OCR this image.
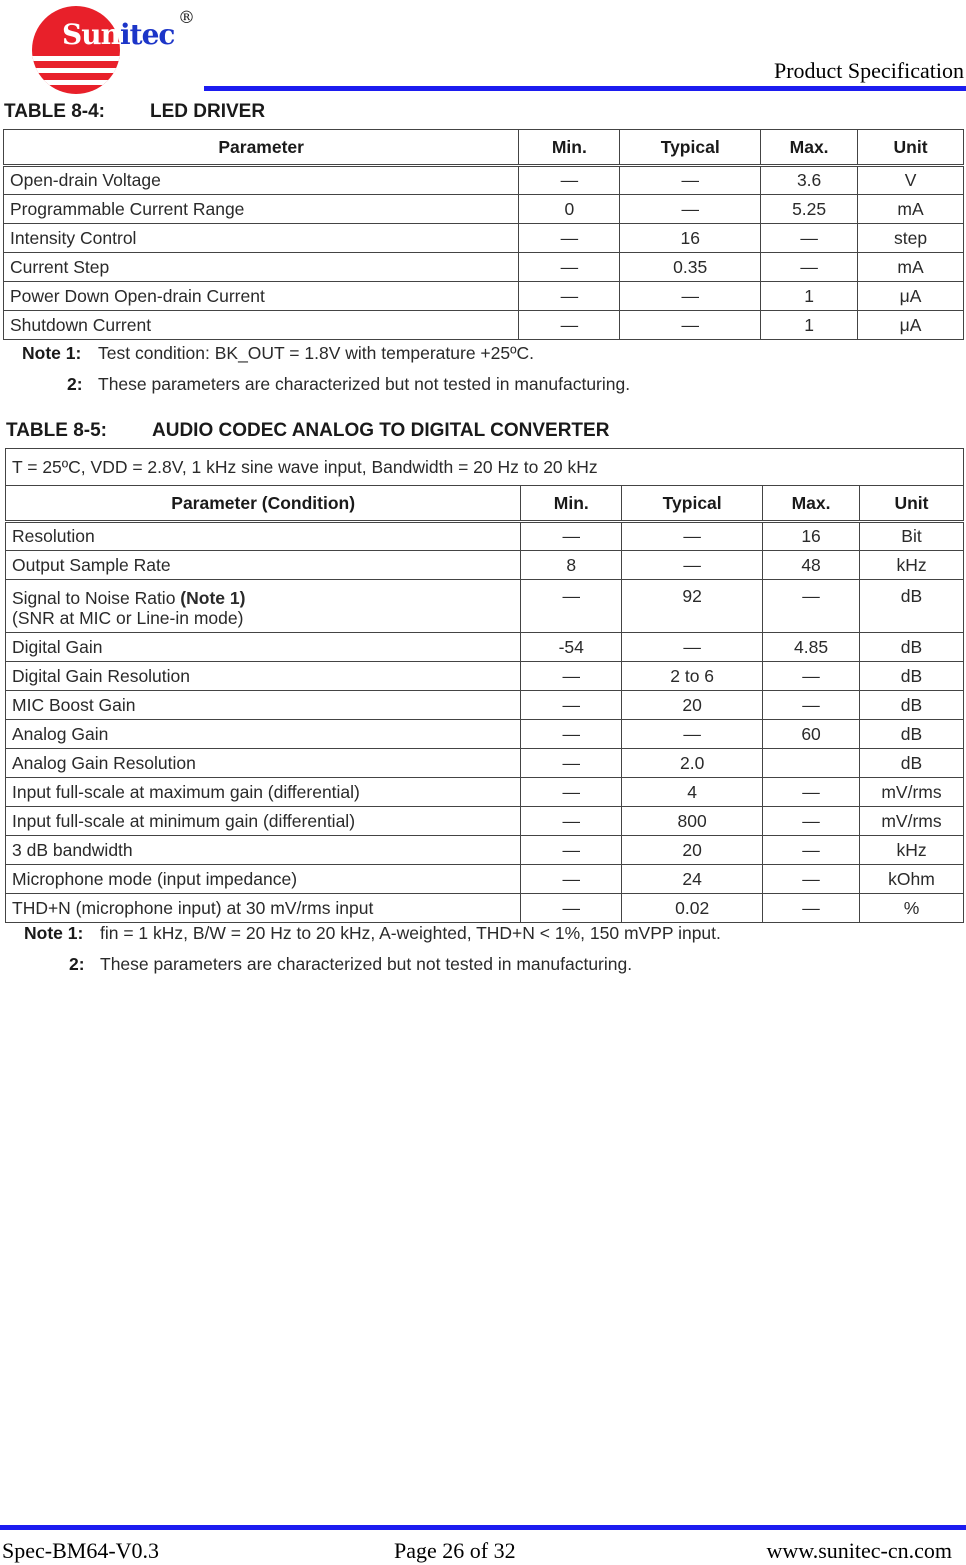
Sun itec ®
Product Specification
TABLE 8-4: LED DRIVER
Parameter	Min.	Typical	Max.	Unit
Open-drain Voltage	—	—	3.6	V
Programmable Current Range	0	—	5.25	mA
Intensity Control	—	16	—	step
Current Step	—	0.35	—	mA
Power Down Open-drain Current	—	—	1	μA
Shutdown Current	—	—	1	μA
Note 1: Test condition: BK_OUT = 1.8V with temperature +25ºC.
2: These parameters are characterized but not tested in manufacturing.
TABLE 8-5: AUDIO CODEC ANALOG TO DIGITAL CONVERTER
T = 25ºC, VDD = 2.8V, 1 kHz sine wave input, Bandwidth = 20 Hz to 20 kHz				
Parameter (Condition)	Min.	Typical	Max.	Unit
Resolution	—	—	16	Bit
Output Sample Rate	8	—	48	kHz
Signal to Noise Ratio (Note 1)
(SNR at MIC or Line-in mode)	—	92	—	dB
Digital Gain	-54	—	4.85	dB
Digital Gain Resolution	—	2 to 6	—	dB
MIC Boost Gain	—	20	—	dB
Analog Gain	—	—	60	dB
Analog Gain Resolution	—	2.0		dB
Input full-scale at maximum gain (differential)	—	4	—	mV/rms
Input full-scale at minimum gain (differential)	—	800	—	mV/rms
3 dB bandwidth	—	20	—	kHz
Microphone mode (input impedance)	—	24	—	kOhm
THD+N (microphone input) at 30 mV/rms input	—	0.02	—	%
Note 1: fin = 1 kHz, B/W = 20 Hz to 20 kHz, A-weighted, THD+N < 1%, 150 mVPP input.
2: These parameters are characterized but not tested in manufacturing.
Spec-BM64-V0.3	Page 26 of 32	www.sunitec-cn.com
